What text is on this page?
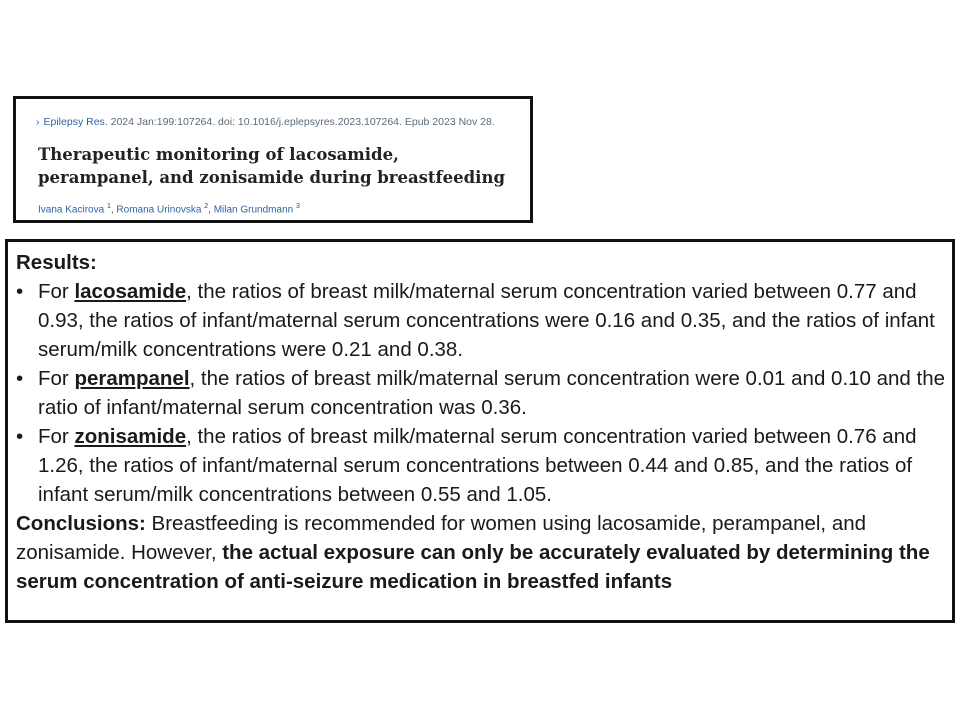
› Epilepsy Res. 2024 Jan:199:107264. doi: 10.1016/j.eplepsyres.2023.107264. Epub 2023 Nov 28.
Therapeutic monitoring of lacosamide, perampanel, and zonisamide during breastfeeding
Ivana Kacirova $^1$, Romana Urinovska $^2$, Milan Grundmann $^3$
Results:
• For lacosamide, the ratios of breast milk/maternal serum concentration varied between 0.77 and 0.93, the ratios of infant/maternal serum concentrations were 0.16 and 0.35, and the ratios of infant serum/milk concentrations were 0.21 and 0.38.
• For perampanel, the ratios of breast milk/maternal serum concentration were 0.01 and 0.10 and the ratio of infant/maternal serum concentration was 0.36.
• For zonisamide, the ratios of breast milk/maternal serum concentration varied between 0.76 and 1.26, the ratios of infant/maternal serum concentrations between 0.44 and 0.85, and the ratios of infant serum/milk concentrations between 0.55 and 1.05.
Conclusions: Breastfeeding is recommended for women using lacosamide, perampanel, and zonisamide. However, the actual exposure can only be accurately evaluated by determining the serum concentration of anti-seizure medication in breastfed infants
